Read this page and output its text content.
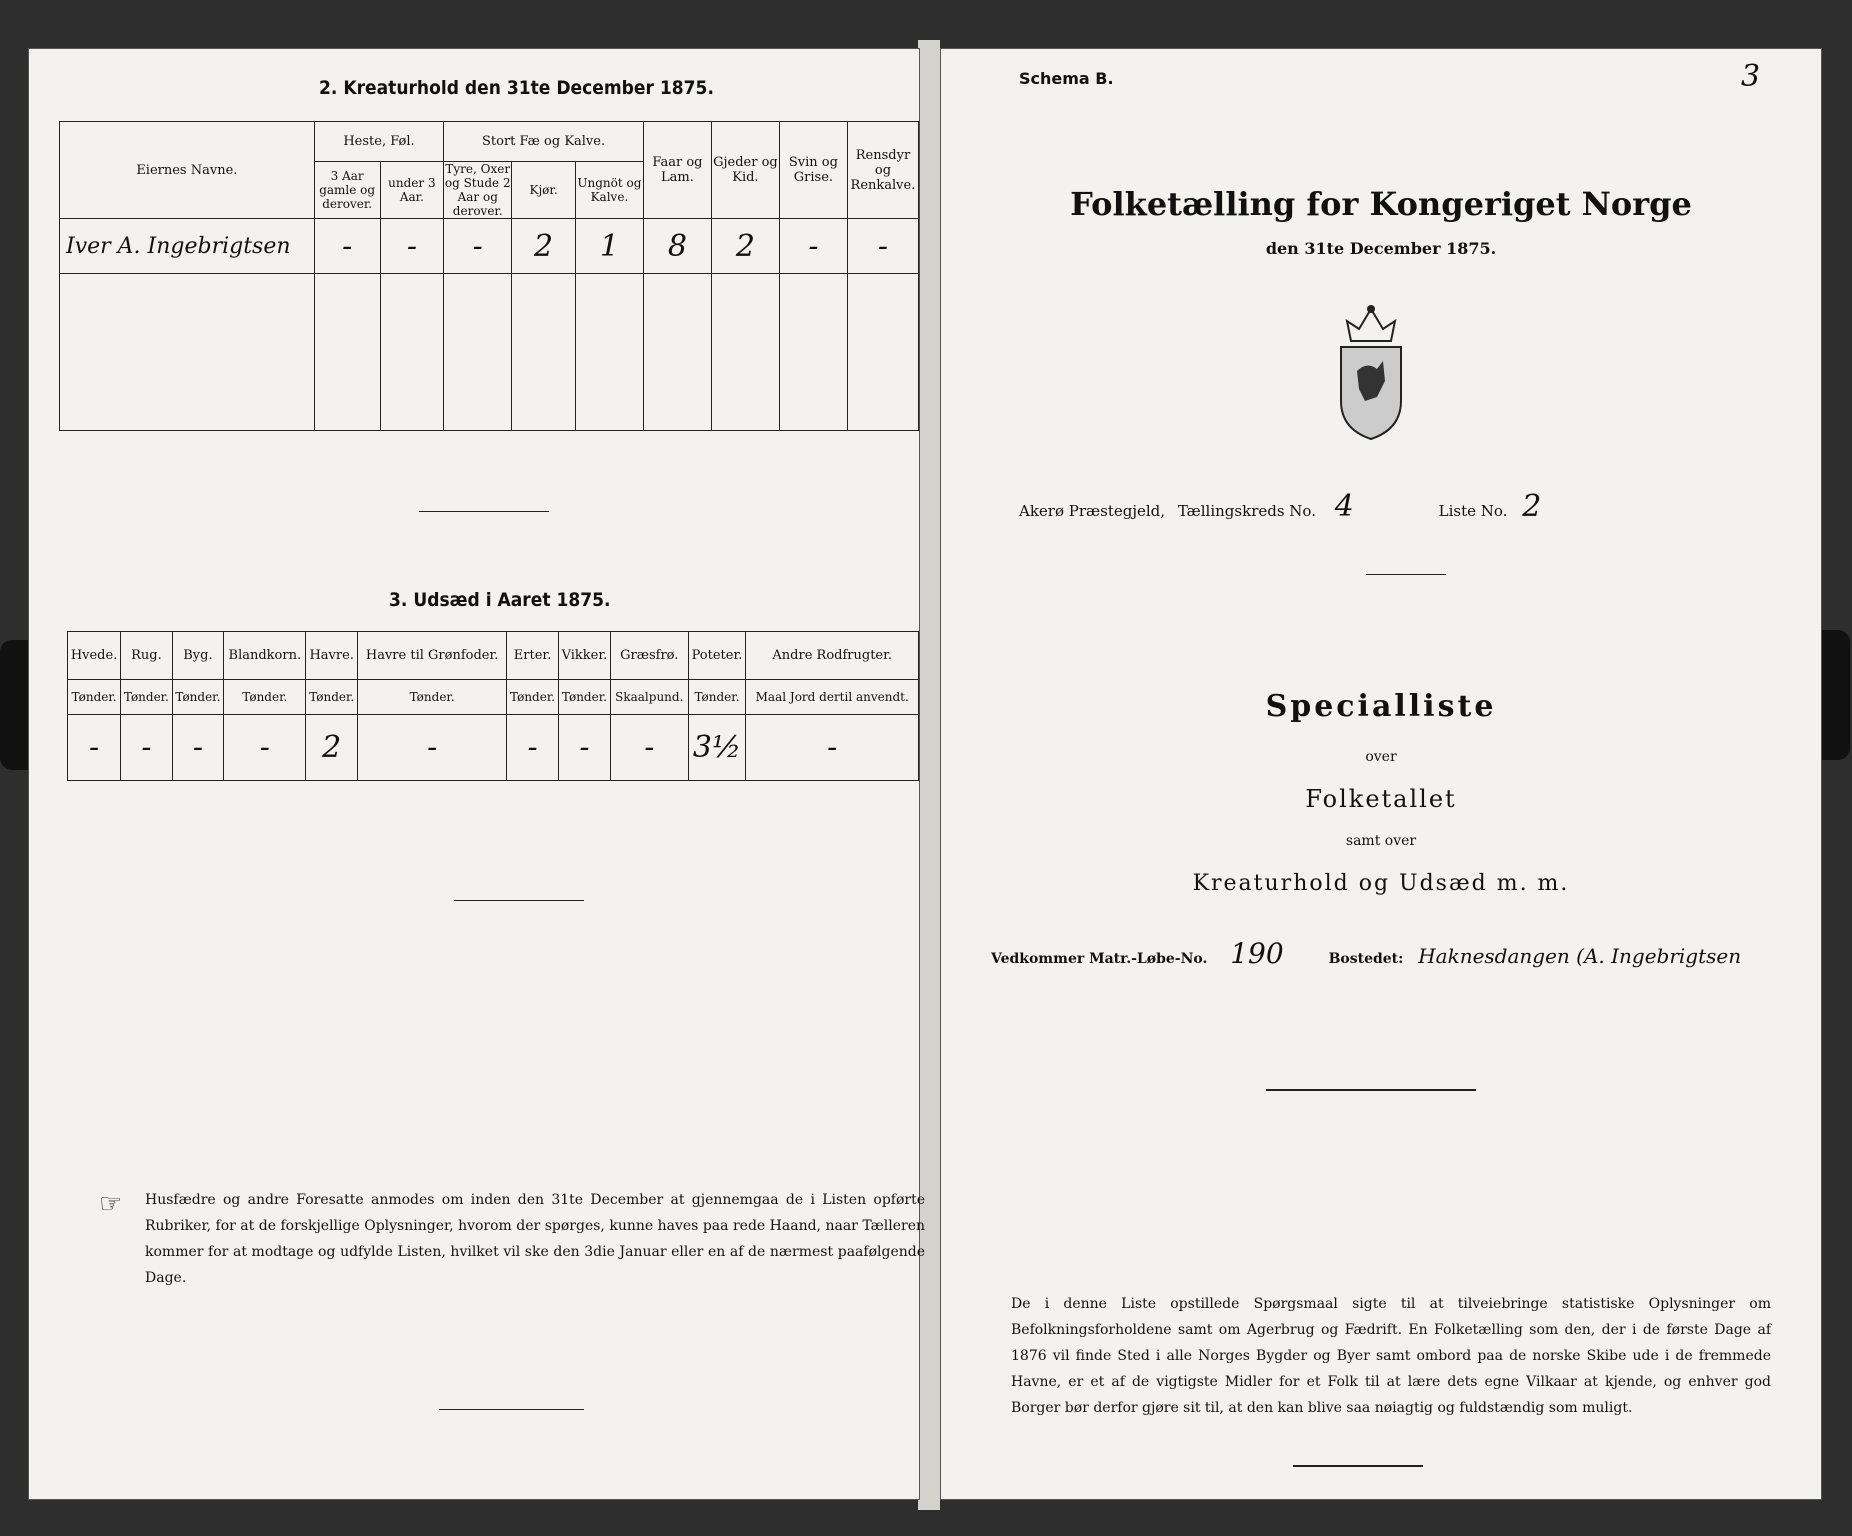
2. Kreaturhold den 31te December 1875.
Eiernes Navne.	Heste, Føl.		Stort Fæ og Kalve.			Faar og Lam.	Gjeder og Kid.	Svin og Grise.	Rensdyr og Renkalve.
	3 Aar gamle og derover.	under 3 Aar.	Tyre, Oxer og Stude 2 Aar og derover.	Kjør.	Ungnöt og Kalve.				
Iver A. Ingebrigtsen	-	-	-	2	1	8	2	-	-

3. Udsæd i Aaret 1875.
Hvede.	Rug.	Byg.	Blandkorn.	Havre.	Havre til Grønfoder.	Erter.	Vikker.	Græsfrø.	Poteter.	Andre Rodfrugter.
Tønder.	Tønder.	Tønder.	Tønder.	Tønder.	Tønder.	Tønder.	Tønder.	Skaalpund.	Tønder.	Maal Jord dertil anvendt.
-	-	-	-	2	-	-	-	-	3½	-
☞ Husfædre og andre Foresatte anmodes om inden den 31te December at gjennemgaa de i Listen opførte Rubriker, for at de forskjellige Oplysninger, hvorom der spørges, kunne haves paa rede Haand, naar Tælleren kommer for at modtage og udfylde Listen, hvilket vil ske den 3die Januar eller en af de nærmest paafølgende Dage.

Schema B.	3
Folketælling for Kongeriget Norge
den 31te December 1875.
Akerø Præstegjeld, Tællingskreds No. 4	Liste No. 2
Specialliste
over
Folketallet
samt over
Kreaturhold og Udsæd m. m.
Vedkommer Matr.-Løbe-No. 190	Bostedet: Haknesdangen (A. Ingebrigtsen
De i denne Liste opstillede Spørgsmaal sigte til at tilveiebringe statistiske Oplysninger om Befolkningsforholdene samt om Agerbrug og Fædrift. En Folketælling som den, der i de første Dage af 1876 vil finde Sted i alle Norges Bygder og Byer samt ombord paa de norske Skibe ude i de fremmede Havne, er et af de vigtigste Midler for et Folk til at lære dets egne Vilkaar at kjende, og enhver god Borger bør derfor gjøre sit til, at den kan blive saa nøiagtig og fuldstændig som muligt.
